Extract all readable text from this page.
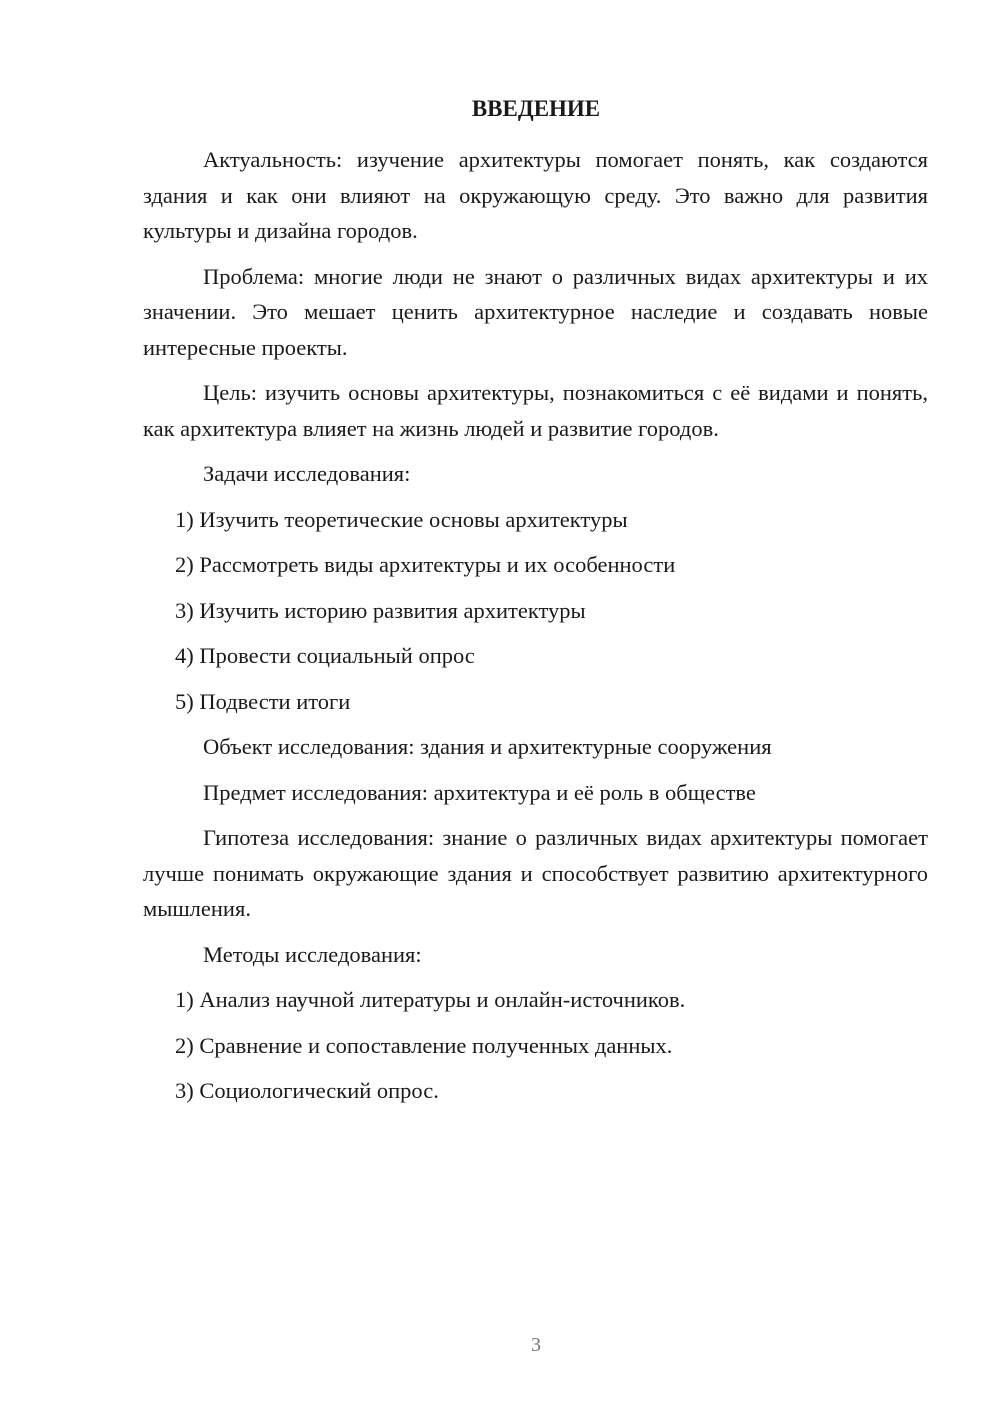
ВВЕДЕНИЕ

Актуальность: изучение архитектуры помогает понять, как создаются здания и как они влияют на окружающую среду. Это важно для развития культуры и дизайна городов.

Проблема: многие люди не знают о различных видах архитектуры и их значении. Это мешает ценить архитектурное наследие и создавать новые интересные проекты.

Цель: изучить основы архитектуры, познакомиться с её видами и понять, как архитектура влияет на жизнь людей и развитие городов.

Задачи исследования:

1) Изучить теоретические основы архитектуры

2) Рассмотреть виды архитектуры и их особенности

3) Изучить историю развития архитектуры

4) Провести социальный опрос

5) Подвести итоги

Объект исследования: здания и архитектурные сооружения

Предмет исследования: архитектура и её роль в обществе

Гипотеза исследования: знание о различных видах архитектуры помогает лучше понимать окружающие здания и способствует развитию архитектурного мышления.

Методы исследования:

1) Анализ научной литературы и онлайн-источников.

2) Сравнение и сопоставление полученных данных.

3) Социологический опрос.

3
